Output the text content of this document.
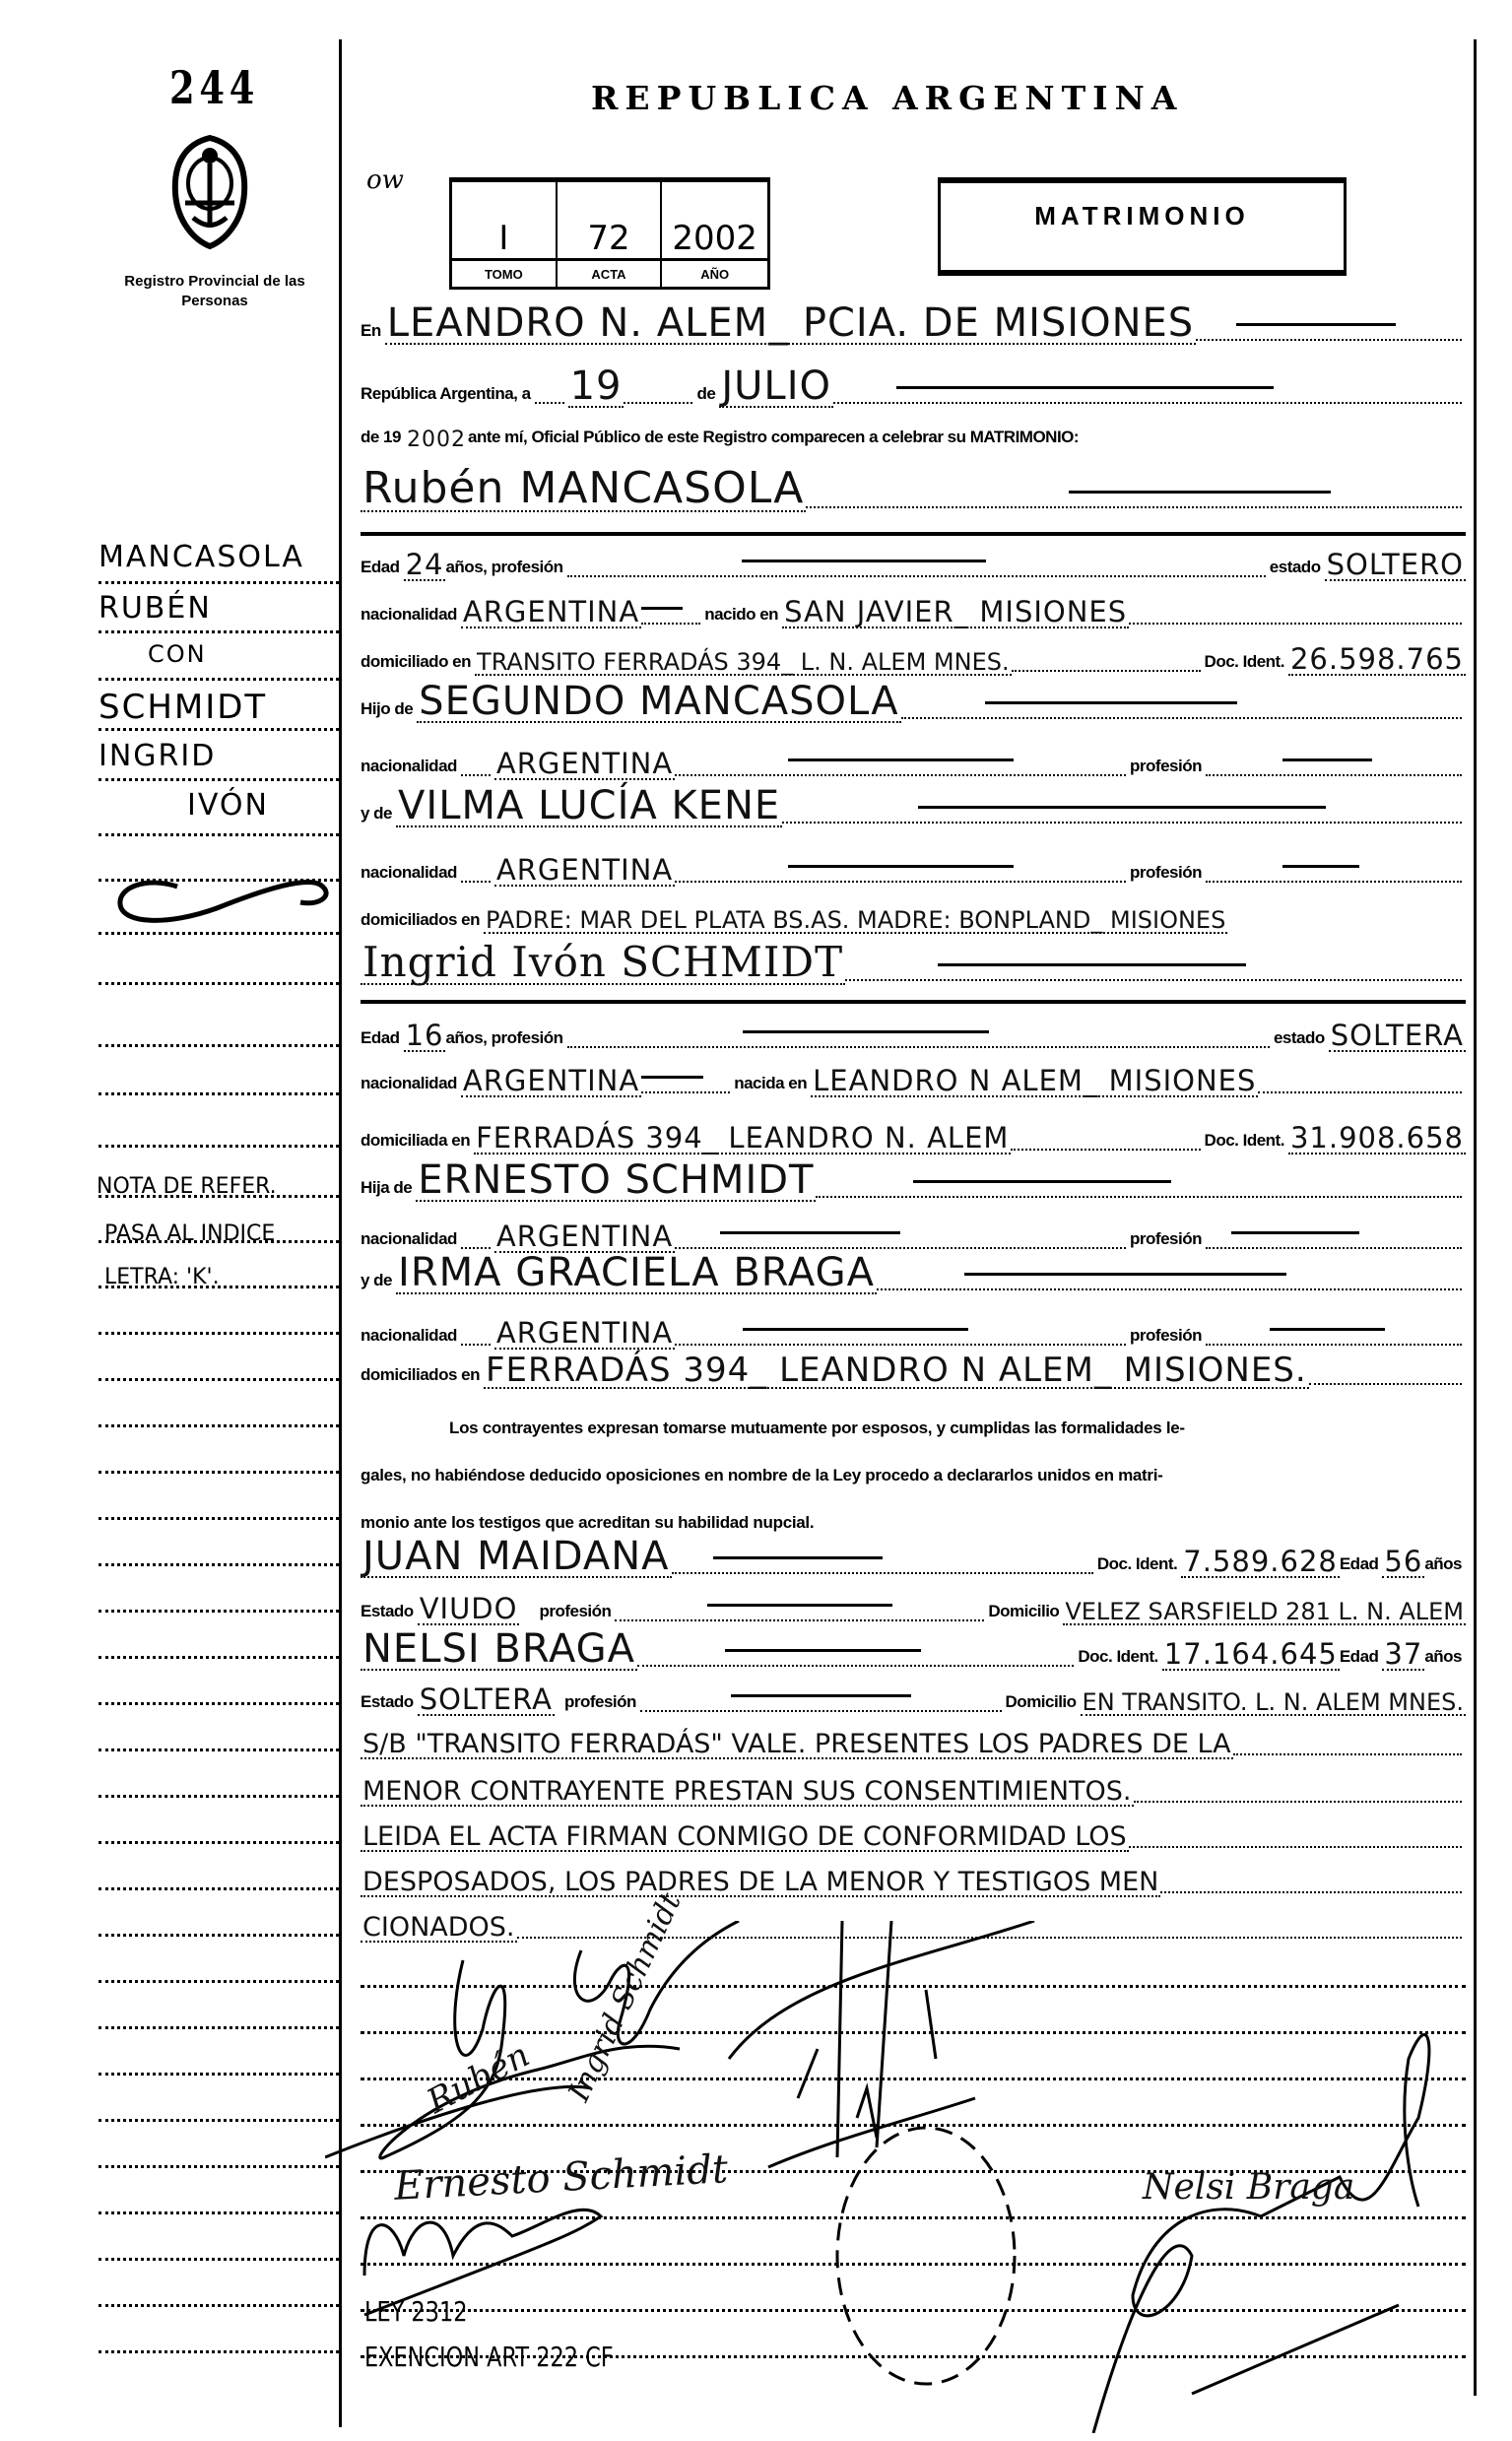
244
Registro Provincial de las Personas
REPUBLICA ARGENTINA
ow
I	72	2002
TOMO	ACTA	AÑO
MATRIMONIO
En LEANDRO N. ALEM_ PCIA. DE MISIONES
República Argentina, a 19	de JULIO
de 19 2002 ante mí, Oficial Público de este Registro comparecen a celebrar su MATRIMONIO:
Rubén MANCASOLA
Edad 24 años, profesión	estado SOLTERO
nacionalidad ARGENTINA	nacido en SAN JAVIER_ MISIONES
domiciliado en TRANSITO FERRADÁS 394_ L. N. ALEM MNES.	Doc. Ident. 26.598.765
Hijo de SEGUNDO MANCASOLA
nacionalidad ARGENTINA	profesión
y de VILMA LUCÍA KENE
nacionalidad ARGENTINA	profesión
domiciliados en PADRE: MAR DEL PLATA BS.AS. MADRE: BONPLAND_ MISIONES
Ingrid Ivón SCHMIDT
Edad 16 años, profesión	estado SOLTERA
nacionalidad ARGENTINA	nacida en LEANDRO N ALEM_ MISIONES
domiciliada en FERRADÁS 394_ LEANDRO N. ALEM	Doc. Ident. 31.908.658
Hija de ERNESTO SCHMIDT
nacionalidad ARGENTINA	profesión
y de IRMA GRACIELA BRAGA
nacionalidad ARGENTINA	profesión
domiciliados en FERRADÁS 394_ LEANDRO N ALEM_ MISIONES.
Los contrayentes expresan tomarse mutuamente por esposos, y cumplidas las formalidades le-
gales, no habiéndose deducido oposiciones en nombre de la Ley procedo a declararlos unidos en matri-
monio ante los testigos que acreditan su habilidad nupcial.
JUAN MAIDANA	Doc. Ident. 7.589.628 Edad 56 años
Estado VIUDO profesión	Domicilio VELEZ SARSFIELD 281 L. N. ALEM
NELSI BRAGA	Doc. Ident. 17.164.645 Edad 37 años
Estado SOLTERA profesión	Domicilio EN TRANSITO. L. N. ALEM MNES.
S/B "TRANSITO FERRADÁS" VALE. PRESENTES LOS PADRES DE LA
MENOR CONTRAYENTE PRESTAN SUS CONSENTIMIENTOS.
LEIDA EL ACTA FIRMAN CONMIGO DE CONFORMIDAD LOS
DESPOSADOS, LOS PADRES DE LA MENOR Y TESTIGOS MEN
CIONADOS.
MANCASOLA
RUBÉN
CON
SCHMIDT
INGRID
IVÓN
NOTA DE REFER.
PASA AL INDICE
LETRA: 'K'.
LEY 2312
EXENCION ART 222 CF
Rubén Ingrid Schmidt
Ernesto Schmidt	Nelsi Braga
